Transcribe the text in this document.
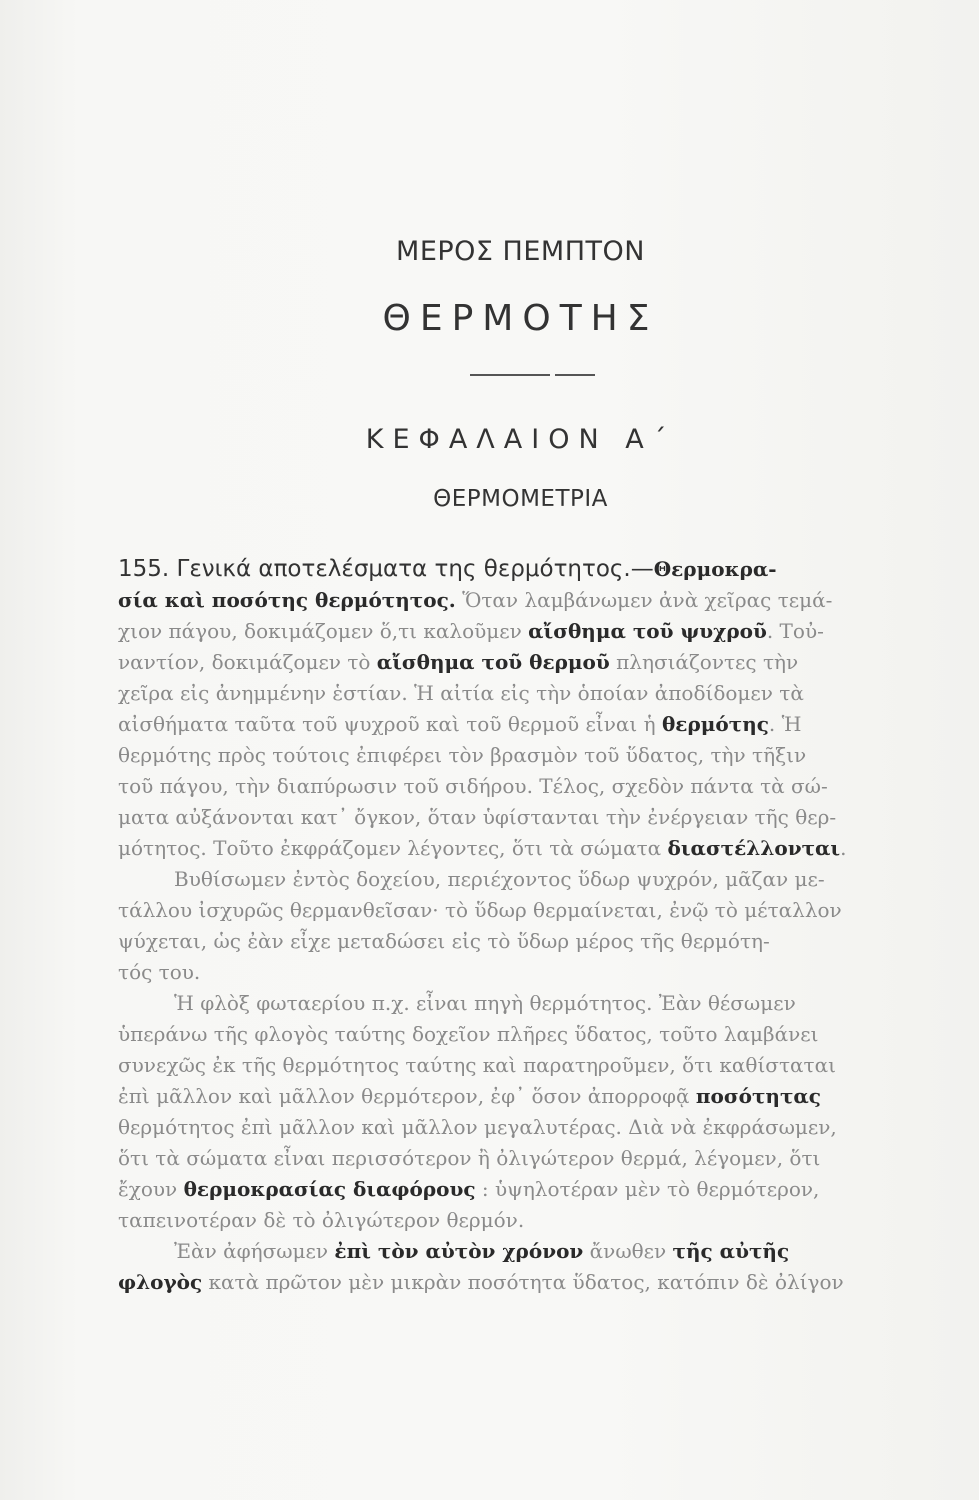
ΜΕΡΟΣ ΠΕΜΠΤΟΝ
ΘΕΡΜΟΤΗΣ
ΚΕΦΑΛΑΙΟΝ Α΄
ΘΕΡΜΟΜΕΤΡΙΑ
155. Γενικά αποτελέσματα της θερμότητος.—Θερμοκρα-
σία καὶ ποσότης θερμότητος. Ὅταν λαμβάνωμεν ἀνὰ χεῖρας τεμά-
χιον πάγου, δοκιμάζομεν ὅ,τι καλοῦμεν αἴσθημα τοῦ ψυχροῦ. Τοὐ-
ναντίον, δοκιμάζομεν τὸ αἴσθημα τοῦ θερμοῦ πλησιάζοντες τὴν
χεῖρα εἰς ἀνημμένην ἑστίαν. Ἡ αἰτία εἰς τὴν ὁποίαν ἀποδίδομεν τὰ
αἰσθήματα ταῦτα τοῦ ψυχροῦ καὶ τοῦ θερμοῦ εἶναι ἡ θερμότης. Ἡ
θερμότης πρὸς τούτοις ἐπιφέρει τὸν βρασμὸν τοῦ ὕδατος, τὴν τῆξιν
τοῦ πάγου, τὴν διαπύρωσιν τοῦ σιδήρου. Τέλος, σχεδὸν πάντα τὰ σώ-
ματα αὐξάνονται κατ᾿ ὄγκον, ὅταν ὑφίστανται τὴν ἐνέργειαν τῆς θερ-
μότητος. Τοῦτο ἐκφράζομεν λέγοντες, ὅτι τὰ σώματα διαστέλλονται.
Βυθίσωμεν ἐντὸς δοχείου, περιέχοντος ὕδωρ ψυχρόν, μᾶζαν με-
τάλλου ἰσχυρῶς θερμανθεῖσαν· τὸ ὕδωρ θερμαίνεται, ἐνῷ τὸ μέταλλον
ψύχεται, ὡς ἐὰν εἶχε μεταδώσει εἰς τὸ ὕδωρ μέρος τῆς θερμότη-
τός του.
Ἡ φλὸξ φωταερίου π.χ. εἶναι πηγὴ θερμότητος. Ἐὰν θέσωμεν
ὑπεράνω τῆς φλογὸς ταύτης δοχεῖον πλῆρες ὕδατος, τοῦτο λαμβάνει
συνεχῶς ἐκ τῆς θερμότητος ταύτης καὶ παρατηροῦμεν, ὅτι καθίσταται
ἐπὶ μᾶλλον καὶ μᾶλλον θερμότερον, ἐφ᾿ ὅσον ἀπορροφᾷ ποσότητας
θερμότητος ἐπὶ μᾶλλον καὶ μᾶλλον μεγαλυτέρας. Διὰ νὰ ἐκφράσωμεν,
ὅτι τὰ σώματα εἶναι περισσότερον ἢ ὀλιγώτερον θερμά, λέγομεν, ὅτι
ἔχουν θερμοκρασίας διαφόρους : ὑψηλοτέραν μὲν τὸ θερμότερον,
ταπεινοτέραν δὲ τὸ ὀλιγώτερον θερμόν.
Ἐὰν ἀφήσωμεν ἐπὶ τὸν αὐτὸν χρόνον ἄνωθεν τῆς αὐτῆς
φλογὸς κατὰ πρῶτον μὲν μικρὰν ποσότητα ὕδατος, κατόπιν δὲ ὀλίγον
